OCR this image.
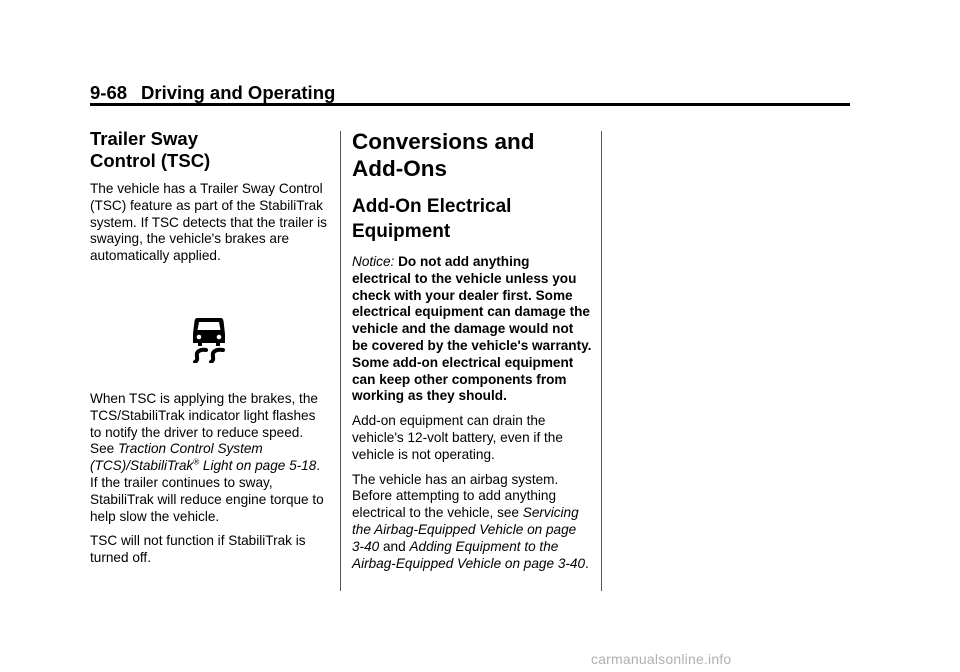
9-68 Driving and Operating
Trailer Sway
Control (TSC)

The vehicle has a Trailer Sway Control (TSC) feature as part of the StabiliTrak system. If TSC detects that the trailer is swaying, the vehicle's brakes are automatically applied.

When TSC is applying the brakes, the TCS/StabiliTrak indicator light flashes to notify the driver to reduce speed. See Traction Control System (TCS)/StabiliTrak® Light on page 5-18. If the trailer continues to sway, StabiliTrak will reduce engine torque to help slow the vehicle.

TSC will not function if StabiliTrak is turned off.

Conversions and
Add-Ons
Add-On Electrical
Equipment

Notice: Do not add anything electrical to the vehicle unless you check with your dealer first. Some electrical equipment can damage the vehicle and the damage would not be covered by the vehicle's warranty. Some add-on electrical equipment can keep other components from working as they should.

Add-on equipment can drain the vehicle's 12-volt battery, even if the vehicle is not operating.

The vehicle has an airbag system. Before attempting to add anything electrical to the vehicle, see Servicing the Airbag-Equipped Vehicle on page 3-40 and Adding Equipment to the Airbag-Equipped Vehicle on page 3-40.

carmanualsonline.info
